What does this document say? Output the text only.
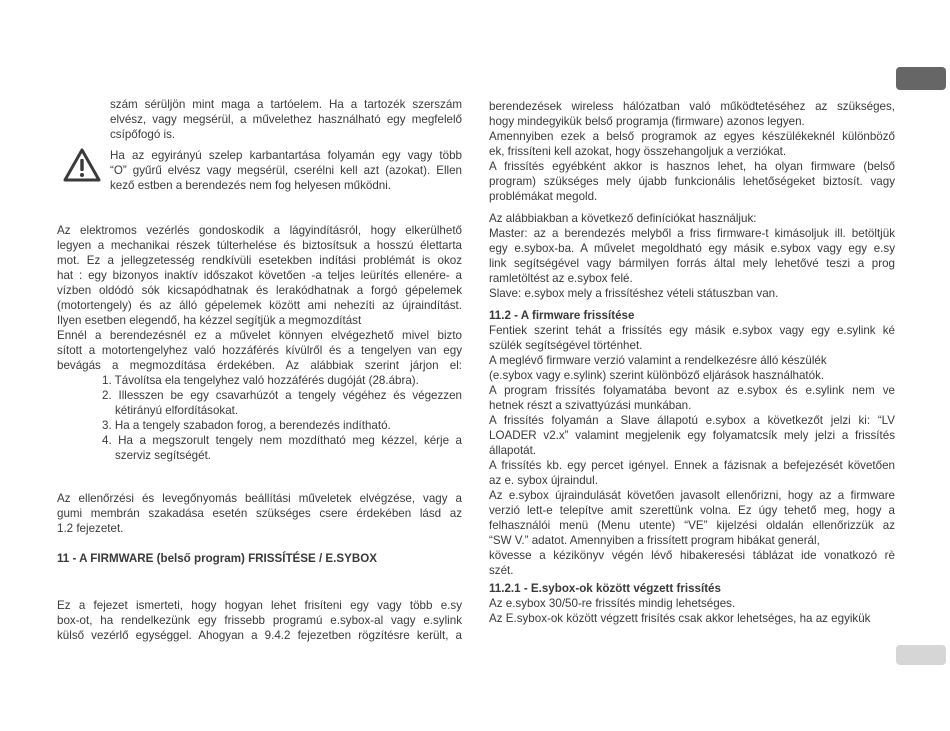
szám sérüljön mint maga a tartóelem. Ha a tartozék szerszám
elvész, vagy megsérül, a művelethez használható egy megfelelő
csípőfogó is.
Ha az egyirányú szelep karbantartása folyamán egy vagy több
“O” gyűrű elvész vagy megsérül, cserélni kell azt (azokat). Ellen
kező estben a berendezés nem fog helyesen működni.
Az elektromos vezérlés gondoskodik a lágyindításról, hogy elkerülhető
legyen a mechanikai részek túlterhelése és biztosítsuk a hosszú élettarta
mot. Ez a jellegzetesség rendkívüli esetekben indítási problémát is okoz
hat : egy bizonyos inaktív időszakot követően -a teljes leürítés ellenére- a
vízben oldódó sók kicsapódhatnak és lerakódhatnak a forgó gépelemek
(motortengely) és az álló gépelemek között ami nehezíti az újraindítást.
Ilyen esetben elegendő, ha kézzel segítjük a megmozdítást
Ennél a berendezésnél ez a művelet könnyen elvégezhető mivel bizto
sított a motortengelyhez való hozzáférés kívülről és a tengelyen van egy
bevágás a megmozdítása érdekében. Az alábbiak szerint járjon el:
1. Távolítsa ela tengelyhez való hozzáférés dugóját (28.ábra).
2. Illesszen be egy csavarhúzót a tengely végéhez és végezzen
kétirányú elfordításokat.
3. Ha a tengely szabadon forog, a berendezés indítható.
4. Ha a megszorult tengely nem mozdítható meg kézzel, kérje a
szerviz segítségét.
Az ellenőrzési és levegőnyomás beállítási műveletek elvégzése, vagy a
gumi membrán szakadása esetén szükséges csere érdekében lásd az
1.2 fejezetet.
11 - A FIRMWARE (belső program) FRISSÍTÉSE / E.SYBOX
Ez a fejezet ismerteti, hogy hogyan lehet frisíteni egy vagy több e.sy
box-ot, ha rendelkezünk egy frissebb programú e.sybox-al vagy e.sylink
külső vezérlő egységgel. Ahogyan a 9.4.2 fejezetben rögzítésre került, a
berendezések wireless hálózatban való működtetéséhez az szükséges,
hogy mindegyikük belső programja (firmware) azonos legyen.
Amennyiben ezek a belső programok az egyes készülékeknél különböző
ek, frissíteni kell azokat, hogy összehangoljuk a verziókat.
A frissítés egyébként akkor is hasznos lehet, ha olyan firmware (belső
program) szükséges mely újabb funkcionális lehetőségeket biztosít. vagy
problémákat megold.
Az alábbiakban a következő definíciókat használjuk:
Master: az a berendezés melyből a friss firmware-t kimásoljuk ill. betöltjük
egy e.sybox-ba. A művelet megoldható egy másik e.sybox vagy egy e.sy
link segítségével vagy bármilyen forrás által mely lehetővé teszi a prog
ramletöltést az e.sybox felé.
Slave: e.sybox mely a frissítéshez vételi státuszban van.
11.2 - A firmware frissítése
Fentiek szerint tehát a frissítés egy másik e.sybox vagy egy e.sylink ké
szülék segítségével történhet.
A meglévő firmware verzió valamint a rendelkezésre álló készülék
(e.sybox vagy e.sylink) szerint különböző eljárások használhatók.
A program frissítés folyamatába bevont az e.sybox és e.sylink nem ve
hetnek részt a szivattyúzási munkában.
A frissítés folyamán a Slave állapotú e.sybox a következőt jelzi ki: “LV
LOADER v2.x” valamint megjelenik egy folyamatcsík mely jelzi a frissítés
állapotát.
A frissítés kb. egy percet igényel. Ennek a fázisnak a befejezését követően
az e. sybox újraindul.
Az e.sybox újraindulását követően javasolt ellenőrizni, hogy az a firmware
verzió lett-e telepítve amit szerettünk volna. Ez úgy tehető meg, hogy a
felhasználói menü (Menu utente) “VE” kijelzési oldalán ellenőrizzük az
“SW V.” adatot. Amennyiben a frissített program hibákat generál,
kövesse a kézikönyv végén lévő hibakeresési táblázat ide vonatkozó rè
szét.
11.2.1 - E.sybox-ok között végzett frissítés
Az e.sybox 30/50-re frissítés mindig lehetséges.
Az E.sybox-ok között végzett frisítés csak akkor lehetséges, ha az egyikük
